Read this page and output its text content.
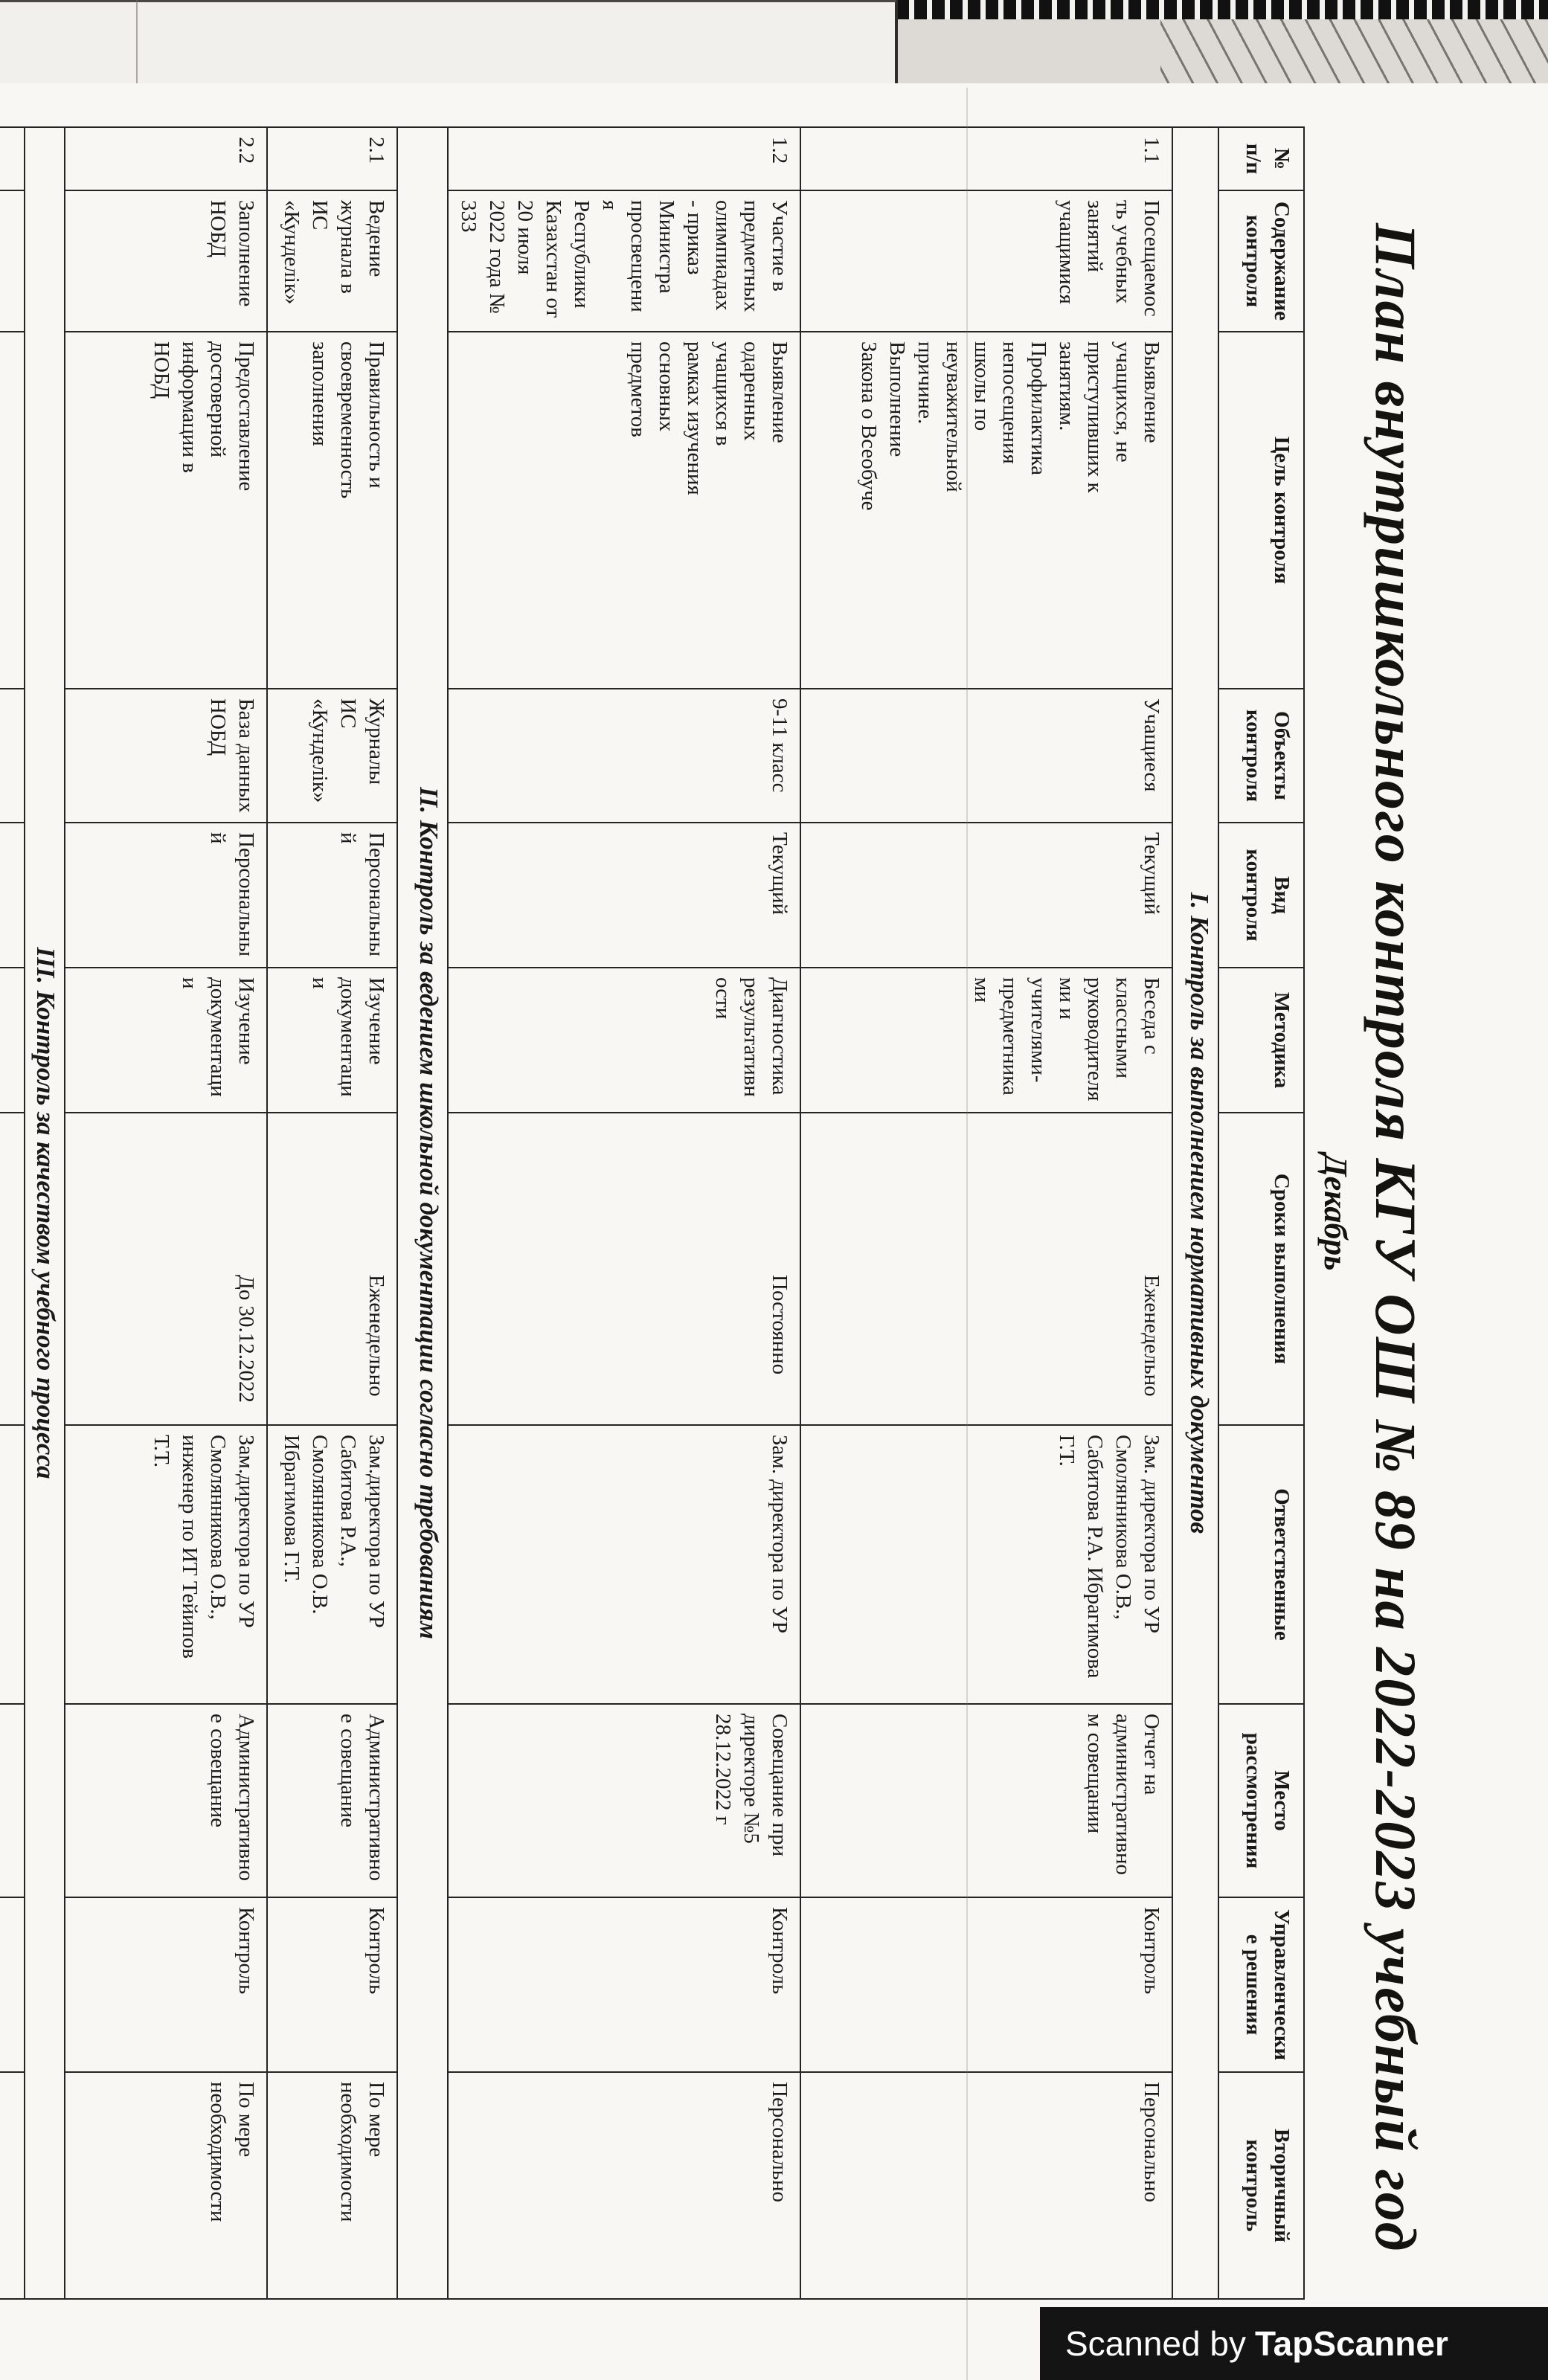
План внутришкольного контроля КГУ ОШ № 89 на 2022-2023 учебный год
Декабрь
№ п/п	Содержание контроля	Цель контроля	Объекты контроля	Вид контроля	Методика	Сроки выполнения	Ответственные	Место рассмотрения	Управленчески е решения	Вторичный контроль
I. Контроль за выполнением нормативных документов										
1.1	Посещаемость учебных занятий учащимися	Выявление учащихся, не приступивших к занятиям. Профилактика непосещения школы по неуважительной причине. Выполнение Закона о Всеобуче	Учащиеся	Текущий	Беседа с классными руководителями и учителями-предметниками	Еженедельно	Зам. директора по УР Смолянникова О.В., Сабитова Р.А. Ибрагимова Г.Т.	Отчет на административном совещании	Контроль	Персонально
1.2	Участие в предметных олимпиадах - приказ Министра просвещения Республики Казахстан от 20 июля 2022 года № 333	Выявление одаренных учащихся в рамках изучения основных предметов	9-11 класс	Текущий	Диагностика результативности	Постоянно	Зам. директора по УР	Совещание при директоре №5 28.12.2022 г	Контроль	Персонально
II. Контроль за ведением школьной документации согласно требованиям										
2.1	Ведение журнала в ИС «Кунделік»	Правильность и своевременность заполнения	Журналы ИС «Кунделік»	Персональный	Изучение документации	Еженедельно	Зам.директора по УР Сабитова Р.А., Смолянникова О.В. Ибрагимова Г.Т.	Административное совещание	Контроль	По мере необходимости
2.2	Заполнение НОБД	Предоставление достоверной информации в НОБД	База данных НОБД	Персональный	Изучение документации	До 30.12.2022	Зам.директора по УР Смолянникова О.В., инженер по ИТ Тейипов Т.Т.	Административное совещание	Контроль	По мере необходимости
III. Контроль за качеством учебного процесса										

Scanned by TapScanner
